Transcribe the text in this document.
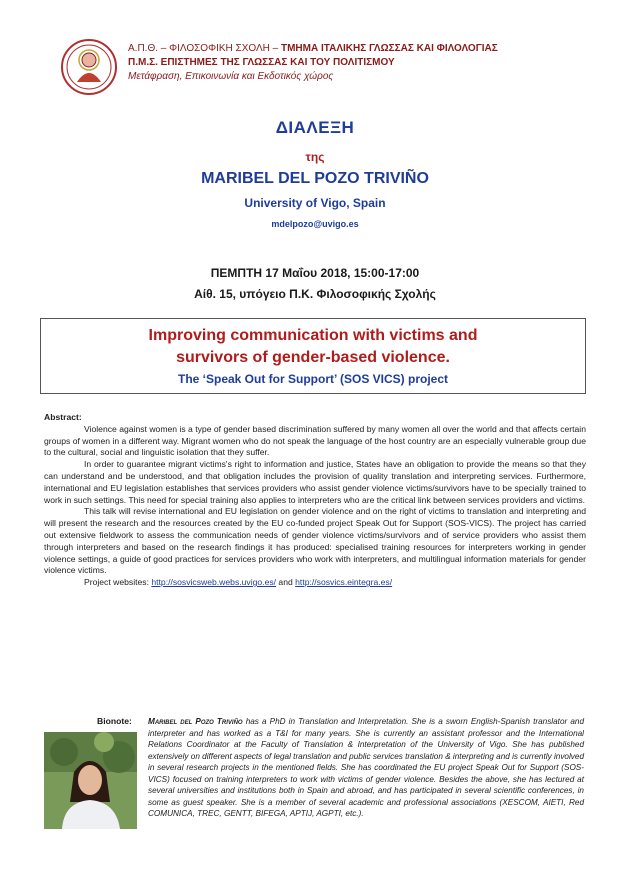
Α.Π.Θ. – ΦΙΛΟΣΟΦΙΚΗ ΣΧΟΛΗ – ΤΜΗΜΑ ΙΤΑΛΙΚΗΣ ΓΛΩΣΣΑΣ ΚΑΙ ΦΙΛΟΛΟΓΙΑΣ
Π.Μ.Σ. ΕΠΙΣΤΗΜΕΣ ΤΗΣ ΓΛΩΣΣΑΣ ΚΑΙ ΤΟΥ ΠΟΛΙΤΙΣΜΟΥ
Μετάφραση, Επικοινωνία και Εκδοτικός χώρος
ΔΙΑΛΕΞΗ
της
MARIBEL DEL POZO TRIVIÑO
University of Vigo, Spain
mdelpozo@uvigo.es
ΠΕΜΠΤΗ 17 Μαΐου 2018, 15:00-17:00
Αίθ. 15, υπόγειο Π.Κ. Φιλοσοφικής Σχολής
Improving communication with victims and
survivors of gender-based violence.
The ‘Speak Out for Support’ (SOS VICS) project
Abstract:

Violence against women is a type of gender based discrimination suffered by many women all over the world and that affects certain groups of women in a different way. Migrant women who do not speak the language of the host country are an especially vulnerable group due to the cultural, social and linguistic isolation that they suffer.

In order to guarantee migrant victims's right to information and justice, States have an obligation to provide the means so that they can understand and be understood, and that obligation includes the provision of quality translation and interpreting services. Furthermore, international and EU legislation establishes that services providers who assist gender violence victims/survivors have to be specially trained to work in such settings. This need for special training also applies to interpreters who are the critical link between services providers and victims.

This talk will revise international and EU legislation on gender violence and on the right of victims to translation and interpreting and will present the research and the resources created by the EU co-funded project Speak Out for Support (SOS-VICS). The project has carried out extensive fieldwork to assess the communication needs of gender violence victims/survivors and of service providers who assist them through interpreters and based on the research findings it has produced: specialised training resources for interpreters working in gender violence settings, a guide of good practices for services providers who work with interpreters, and multilingual information materials for gender violence victims.

Project websites: http://sosvicsweb.webs.uvigo.es/ and http://sosvics.eintegra.es/
Bionote: Maribel del Pozo Triviño has a PhD in Translation and Interpretation. She is a sworn English-Spanish translator and interpreter and has worked as a T&I for many years. She is currently an assistant professor and the International Relations Coordinator at the Faculty of Translation & Interpretation of the University of Vigo. She has published extensively on different aspects of legal translation and public services translation & interpreting and is currently involved in several research projects in the mentioned fields. She has coordinated the EU project Speak Out for Support (SOS-VICS) focused on training interpreters to work with victims of gender violence. Besides the above, she has lectured at several universities and institutions both in Spain and abroad, and has participated in several scientific conferences, in some as guest speaker. She is a member of several academic and professional associations (XESCOM, AIETI, Red COMUNICA, TREC, GENTT, BIFEGA, APTIJ, AGPTI, etc.).
